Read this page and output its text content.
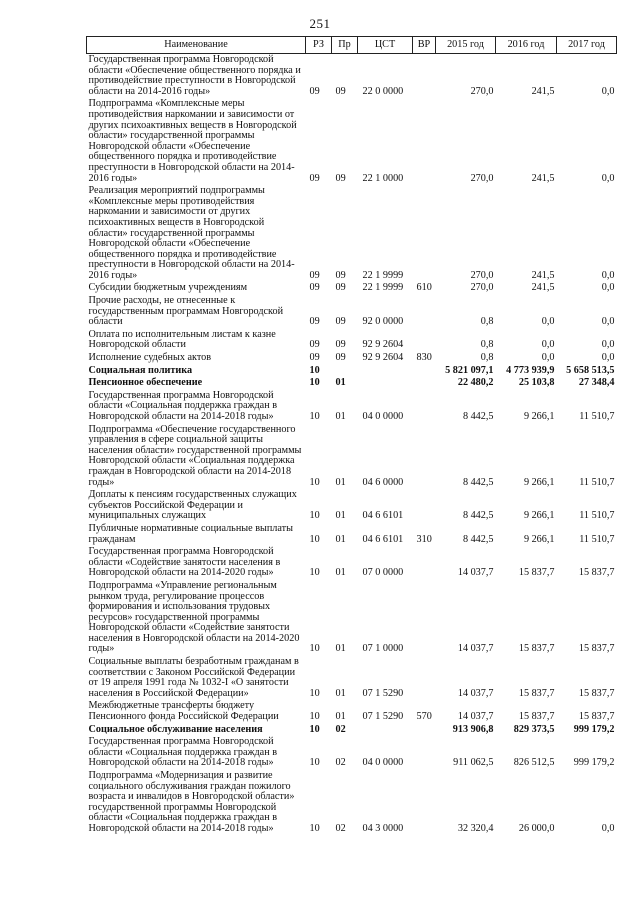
251
Наименование	РЗ	Пр	ЦСТ	ВР	2015 год	2016 год	2017 год
Государственная программа Новгородской области «Обеспечение общественного порядка и противодействие преступности в Новгородской области на 2014-2016 годы»	09	09	22 0 0000		270,0	241,5	0,0
Подпрограмма «Комплексные меры противодействия наркомании и зависимости от других психоактивных веществ в Новгородской области» государственной программы Новгородской области «Обеспечение общественного порядка и противодействие преступности в Новгородской области на 2014-2016 годы»	09	09	22 1 0000		270,0	241,5	0,0
Реализация мероприятий подпрограммы «Комплексные меры противодействия наркомании и зависимости от других психоактивных веществ в Новгородской области» государственной программы Новгородской области «Обеспечение общественного порядка и противодействие преступности в Новгородской области на 2014-2016 годы»	09	09	22 1 9999		270,0	241,5	0,0
Субсидии бюджетным учреждениям	09	09	22 1 9999	610	270,0	241,5	0,0
Прочие расходы, не отнесенные к государственным программам Новгородской области	09	09	92 0 0000		0,8	0,0	0,0
Оплата по исполнительным листам к казне Новгородской области	09	09	92 9 2604		0,8	0,0	0,0
Исполнение судебных актов	09	09	92 9 2604	830	0,8	0,0	0,0
Социальная политика	10				5 821 097,1	4 773 939,9	5 658 513,5
Пенсионное обеспечение	10	01			22 480,2	25 103,8	27 348,4
Государственная программа Новгородской области «Социальная поддержка граждан в Новгородской области на 2014-2018 годы»	10	01	04 0 0000		8 442,5	9 266,1	11 510,7
Подпрограмма «Обеспечение государственного управления в сфере социальной защиты населения области» государственной программы Новгородской области «Социальная поддержка граждан в Новгородской области на 2014-2018 годы»	10	01	04 6 0000		8 442,5	9 266,1	11 510,7
Доплаты к пенсиям государственных служащих субъектов Российской Федерации и муниципальных служащих	10	01	04 6 6101		8 442,5	9 266,1	11 510,7
Публичные нормативные социальные выплаты гражданам	10	01	04 6 6101	310	8 442,5	9 266,1	11 510,7
Государственная программа Новгородской области «Содействие занятости населения в Новгородской области на 2014-2020 годы»	10	01	07 0 0000		14 037,7	15 837,7	15 837,7
Подпрограмма «Управление региональным рынком труда, регулирование процессов формирования и использования трудовых ресурсов» государственной программы Новгородской области «Содействие занятости населения в Новгородской области на 2014-2020 годы»	10	01	07 1 0000		14 037,7	15 837,7	15 837,7
Социальные выплаты безработным гражданам в соответствии с Законом Российской Федерации от 19 апреля 1991 года № 1032-I «О занятости населения в Российской Федерации»	10	01	07 1 5290		14 037,7	15 837,7	15 837,7
Межбюджетные трансферты бюджету Пенсионного фонда Российской Федерации	10	01	07 1 5290	570	14 037,7	15 837,7	15 837,7
Социальное обслуживание населения	10	02			913 906,8	829 373,5	999 179,2
Государственная программа Новгородской области «Социальная поддержка граждан в Новгородской области на 2014-2018 годы»	10	02	04 0 0000		911 062,5	826 512,5	999 179,2
Подпрограмма «Модернизация и развитие социального обслуживания граждан пожилого возраста и инвалидов в Новгородской области» государственной программы Новгородской области «Социальная поддержка граждан в Новгородской области на 2014-2018 годы»	10	02	04 3 0000		32 320,4	26 000,0	0,0
